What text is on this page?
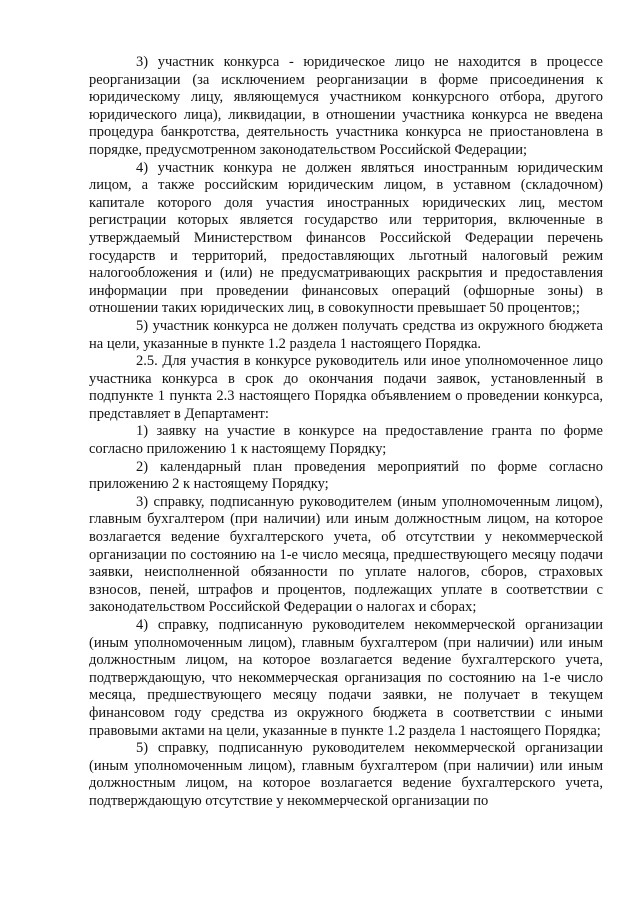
3) участник конкурса - юридическое лицо не находится в процессе реорганизации (за исключением реорганизации в форме присоединения к юридическому лицу, являющемуся участником конкурсного отбора, другого юридического лица), ликвидации, в отношении участника конкурса не введена процедура банкротства, деятельность участника конкурса не приостановлена в порядке, предусмотренном законодательством Российской Федерации;

4) участник конкура не должен являться иностранным юридическим лицом, а также российским юридическим лицом, в уставном (складочном) капитале которого доля участия иностранных юридических лиц, местом регистрации которых является государство или территория, включенные в утверждаемый Министерством финансов Российской Федерации перечень государств и территорий, предоставляющих льготный налоговый режим налогообложения и (или) не предусматривающих раскрытия и предоставления информации при проведении финансовых операций (офшорные зоны) в отношении таких юридических лиц, в совокупности превышает 50 процентов;;

5) участник конкурса не должен получать средства из окружного бюджета на цели, указанные в пункте 1.2 раздела 1 настоящего Порядка.

2.5. Для участия в конкурсе руководитель или иное уполномоченное лицо участника конкурса в срок до окончания подачи заявок, установленный в подпункте 1 пункта 2.3 настоящего Порядка объявлением о проведении конкурса, представляет в Департамент:

1) заявку на участие в конкурсе на предоставление гранта по форме согласно приложению 1 к настоящему Порядку;

2) календарный план проведения мероприятий по форме согласно приложению 2 к настоящему Порядку;

3) справку, подписанную руководителем (иным уполномоченным лицом), главным бухгалтером (при наличии) или иным должностным лицом, на которое возлагается ведение бухгалтерского учета, об отсутствии у некоммерческой организации по состоянию на 1-е число месяца, предшествующего месяцу подачи заявки, неисполненной обязанности по уплате налогов, сборов, страховых взносов, пеней, штрафов и процентов, подлежащих уплате в соответствии с законодательством Российской Федерации о налогах и сборах;

4) справку, подписанную руководителем некоммерческой организации (иным уполномоченным лицом), главным бухгалтером (при наличии) или иным должностным лицом, на которое возлагается ведение бухгалтерского учета, подтверждающую, что некоммерческая организация по состоянию на 1-е число месяца, предшествующего месяцу подачи заявки, не получает в текущем финансовом году средства из окружного бюджета в соответствии с иными правовыми актами на цели, указанные в пункте 1.2 раздела 1 настоящего Порядка;

5) справку, подписанную руководителем некоммерческой организации (иным уполномоченным лицом), главным бухгалтером (при наличии) или иным должностным лицом, на которое возлагается ведение бухгалтерского учета, подтверждающую отсутствие у некоммерческой организации по
